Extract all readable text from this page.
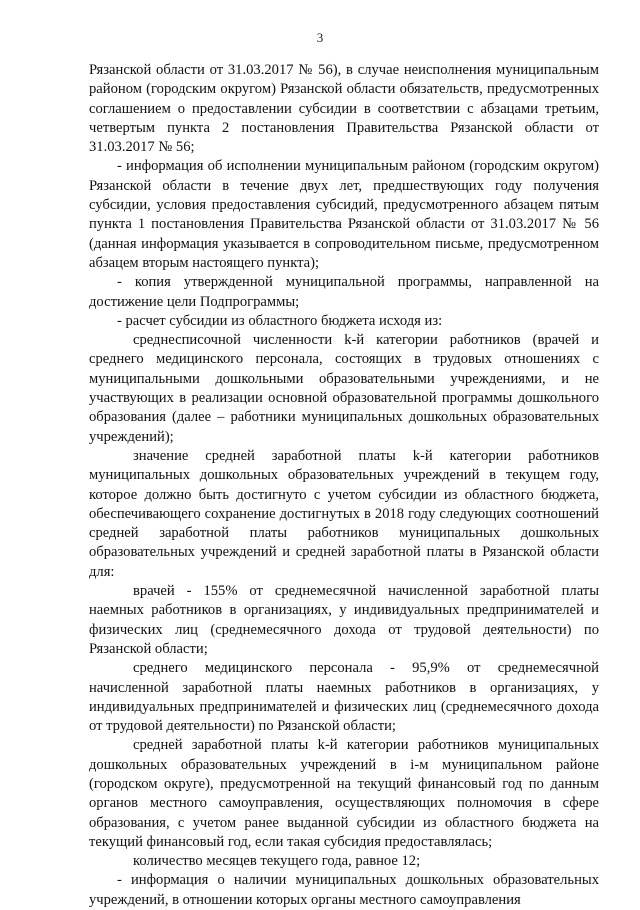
3

Рязанской области от 31.03.2017 № 56), в случае неисполнения муниципальным районом (городским округом) Рязанской области обязательств, предусмотренных соглашением о предоставлении субсидии в соответствии с абзацами третьим, четвертым пункта 2 постановления Правительства Рязанской области от 31.03.2017 № 56;

- информация об исполнении муниципальным районом (городским округом) Рязанской области в течение двух лет, предшествующих году получения субсидии, условия предоставления субсидий, предусмотренного абзацем пятым пункта 1 постановления Правительства Рязанской области от 31.03.2017 № 56 (данная информация указывается в сопроводительном письме, предусмотренном абзацем вторым настоящего пункта);

- копия утвержденной муниципальной программы, направленной на достижение цели Подпрограммы;

- расчет субсидии из областного бюджета исходя из:

среднесписочной численности k-й категории работников (врачей и среднего медицинского персонала, состоящих в трудовых отношениях с муниципальными дошкольными образовательными учреждениями, и не участвующих в реализации основной образовательной программы дошкольного образования (далее – работники муниципальных дошкольных образовательных учреждений);

значение средней заработной платы k-й категории работников муниципальных дошкольных образовательных учреждений в текущем году, которое должно быть достигнуто с учетом субсидии из областного бюджета, обеспечивающего сохранение достигнутых в 2018 году следующих соотношений средней заработной платы работников муниципальных дошкольных образовательных учреждений и средней заработной платы в Рязанской области для:

врачей - 155% от среднемесячной начисленной заработной платы наемных работников в организациях, у индивидуальных предпринимателей и физических лиц (среднемесячного дохода от трудовой деятельности) по Рязанской области;

среднего медицинского персонала - 95,9% от среднемесячной начисленной заработной платы наемных работников в организациях, у индивидуальных предпринимателей и физических лиц (среднемесячного дохода от трудовой деятельности) по Рязанской области;

средней заработной платы k-й категории работников муниципальных дошкольных образовательных учреждений в i-м муниципальном районе (городском округе), предусмотренной на текущий финансовый год по данным органов местного самоуправления, осуществляющих полномочия в сфере образования, с учетом ранее выданной субсидии из областного бюджета на текущий финансовый год, если такая субсидия предоставлялась;

количество месяцев текущего года, равное 12;

- информация о наличии муниципальных дошкольных образовательных учреждений, в отношении которых органы местного самоуправления
